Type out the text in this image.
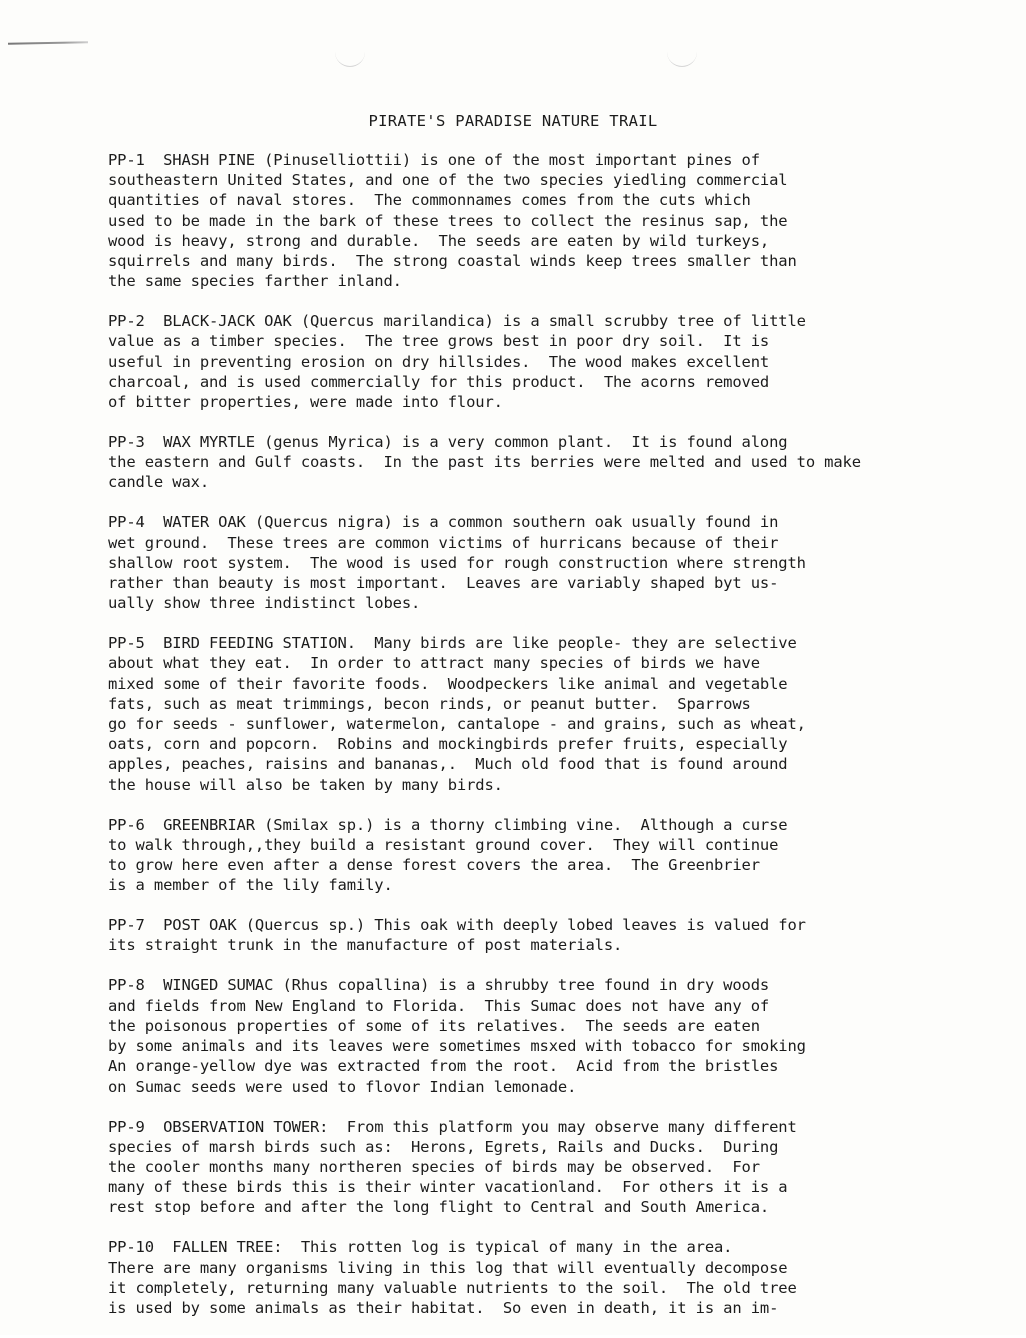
PIRATE'S PARADISE NATURE TRAIL
PP-1  SHASH PINE (Pinuselliottii) is one of the most important pines of
southeastern United States, and one of the two species yiedling commercial
quantities of naval stores.  The commonnames comes from the cuts which
used to be made in the bark of these trees to collect the resinus sap, the
wood is heavy, strong and durable.  The seeds are eaten by wild turkeys,
squirrels and many birds.  The strong coastal winds keep trees smaller than
the same species farther inland.
PP-2  BLACK-JACK OAK (Quercus marilandica) is a small scrubby tree of little
value as a timber species.  The tree grows best in poor dry soil.  It is
useful in preventing erosion on dry hillsides.  The wood makes excellent
charcoal, and is used commercially for this product.  The acorns removed
of bitter properties, were made into flour.
PP-3  WAX MYRTLE (genus Myrica) is a very common plant.  It is found along
the eastern and Gulf coasts.  In the past its berries were melted and used to make
candle wax.
PP-4  WATER OAK (Quercus nigra) is a common southern oak usually found in
wet ground.  These trees are common victims of hurricans because of their
shallow root system.  The wood is used for rough construction where strength
rather than beauty is most important.  Leaves are variably shaped byt us-
ually show three indistinct lobes.
PP-5  BIRD FEEDING STATION.  Many birds are like people- they are selective
about what they eat.  In order to attract many species of birds we have
mixed some of their favorite foods.  Woodpeckers like animal and vegetable
fats, such as meat trimmings, becon rinds, or peanut butter.  Sparrows
go for seeds - sunflower, watermelon, cantalope - and grains, such as wheat,
oats, corn and popcorn.  Robins and mockingbirds prefer fruits, especially
apples, peaches, raisins and bananas,.  Much old food that is found around
the house will also be taken by many birds.
PP-6  GREENBRIAR (Smilax sp.) is a thorny climbing vine.  Although a curse
to walk through,,they build a resistant ground cover.  They will continue
to grow here even after a dense forest covers the area.  The Greenbrier
is a member of the lily family.
PP-7  POST OAK (Quercus sp.) This oak with deeply lobed leaves is valued for
its straight trunk in the manufacture of post materials.
PP-8  WINGED SUMAC (Rhus copallina) is a shrubby tree found in dry woods
and fields from New England to Florida.  This Sumac does not have any of
the poisonous properties of some of its relatives.  The seeds are eaten
by some animals and its leaves were sometimes msxed with tobacco for smoking
An orange-yellow dye was extracted from the root.  Acid from the bristles
on Sumac seeds were used to flovor Indian lemonade.
PP-9  OBSERVATION TOWER:  From this platform you may observe many different
species of marsh birds such as:  Herons, Egrets, Rails and Ducks.  During
the cooler months many northeren species of birds may be observed.  For
many of these birds this is their winter vacationland.  For others it is a
rest stop before and after the long flight to Central and South America.
PP-10  FALLEN TREE:  This rotten log is typical of many in the area.
There are many organisms living in this log that will eventually decompose
it completely, returning many valuable nutrients to the soil.  The old tree
is used by some animals as their habitat.  So even in death, it is an im-
